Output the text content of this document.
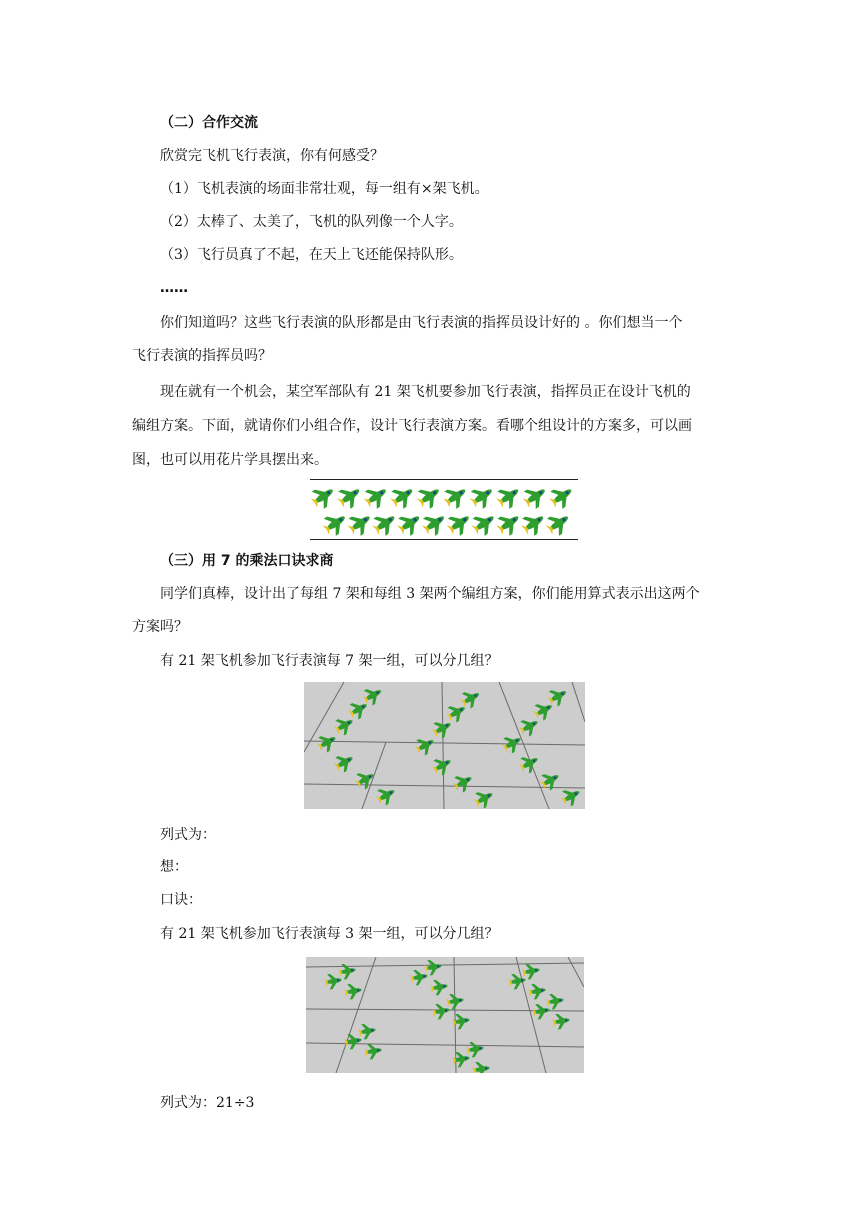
（二）合作交流
欣赏完飞机飞行表演，你有何感受？
（1）飞机表演的场面非常壮观，每一组有×架飞机。
（2）太棒了、太美了，飞机的队列像一个人字。
（3）飞行员真了不起，在天上飞还能保持队形。
……
你们知道吗？这些飞行表演的队形都是由飞行表演的指挥员设计好的 。你们想当一个
飞行表演的指挥员吗？
现在就有一个机会，某空军部队有 21 架飞机要参加飞行表演，指挥员正在设计飞机的
编组方案。下面，就请你们小组合作，设计飞行表演方案。看哪个组设计的方案多，可以画
图，也可以用花片学具摆出来。
（三）用 7 的乘法口诀求商
同学们真棒，设计出了每组 7 架和每组 3 架两个编组方案，你们能用算式表示出这两个
方案吗？
有 21 架飞机参加飞行表演每 7 架一组，可以分几组？
列式为：
想：
口诀：
有 21 架飞机参加飞行表演每 3 架一组，可以分几组？
列式为：21÷3
